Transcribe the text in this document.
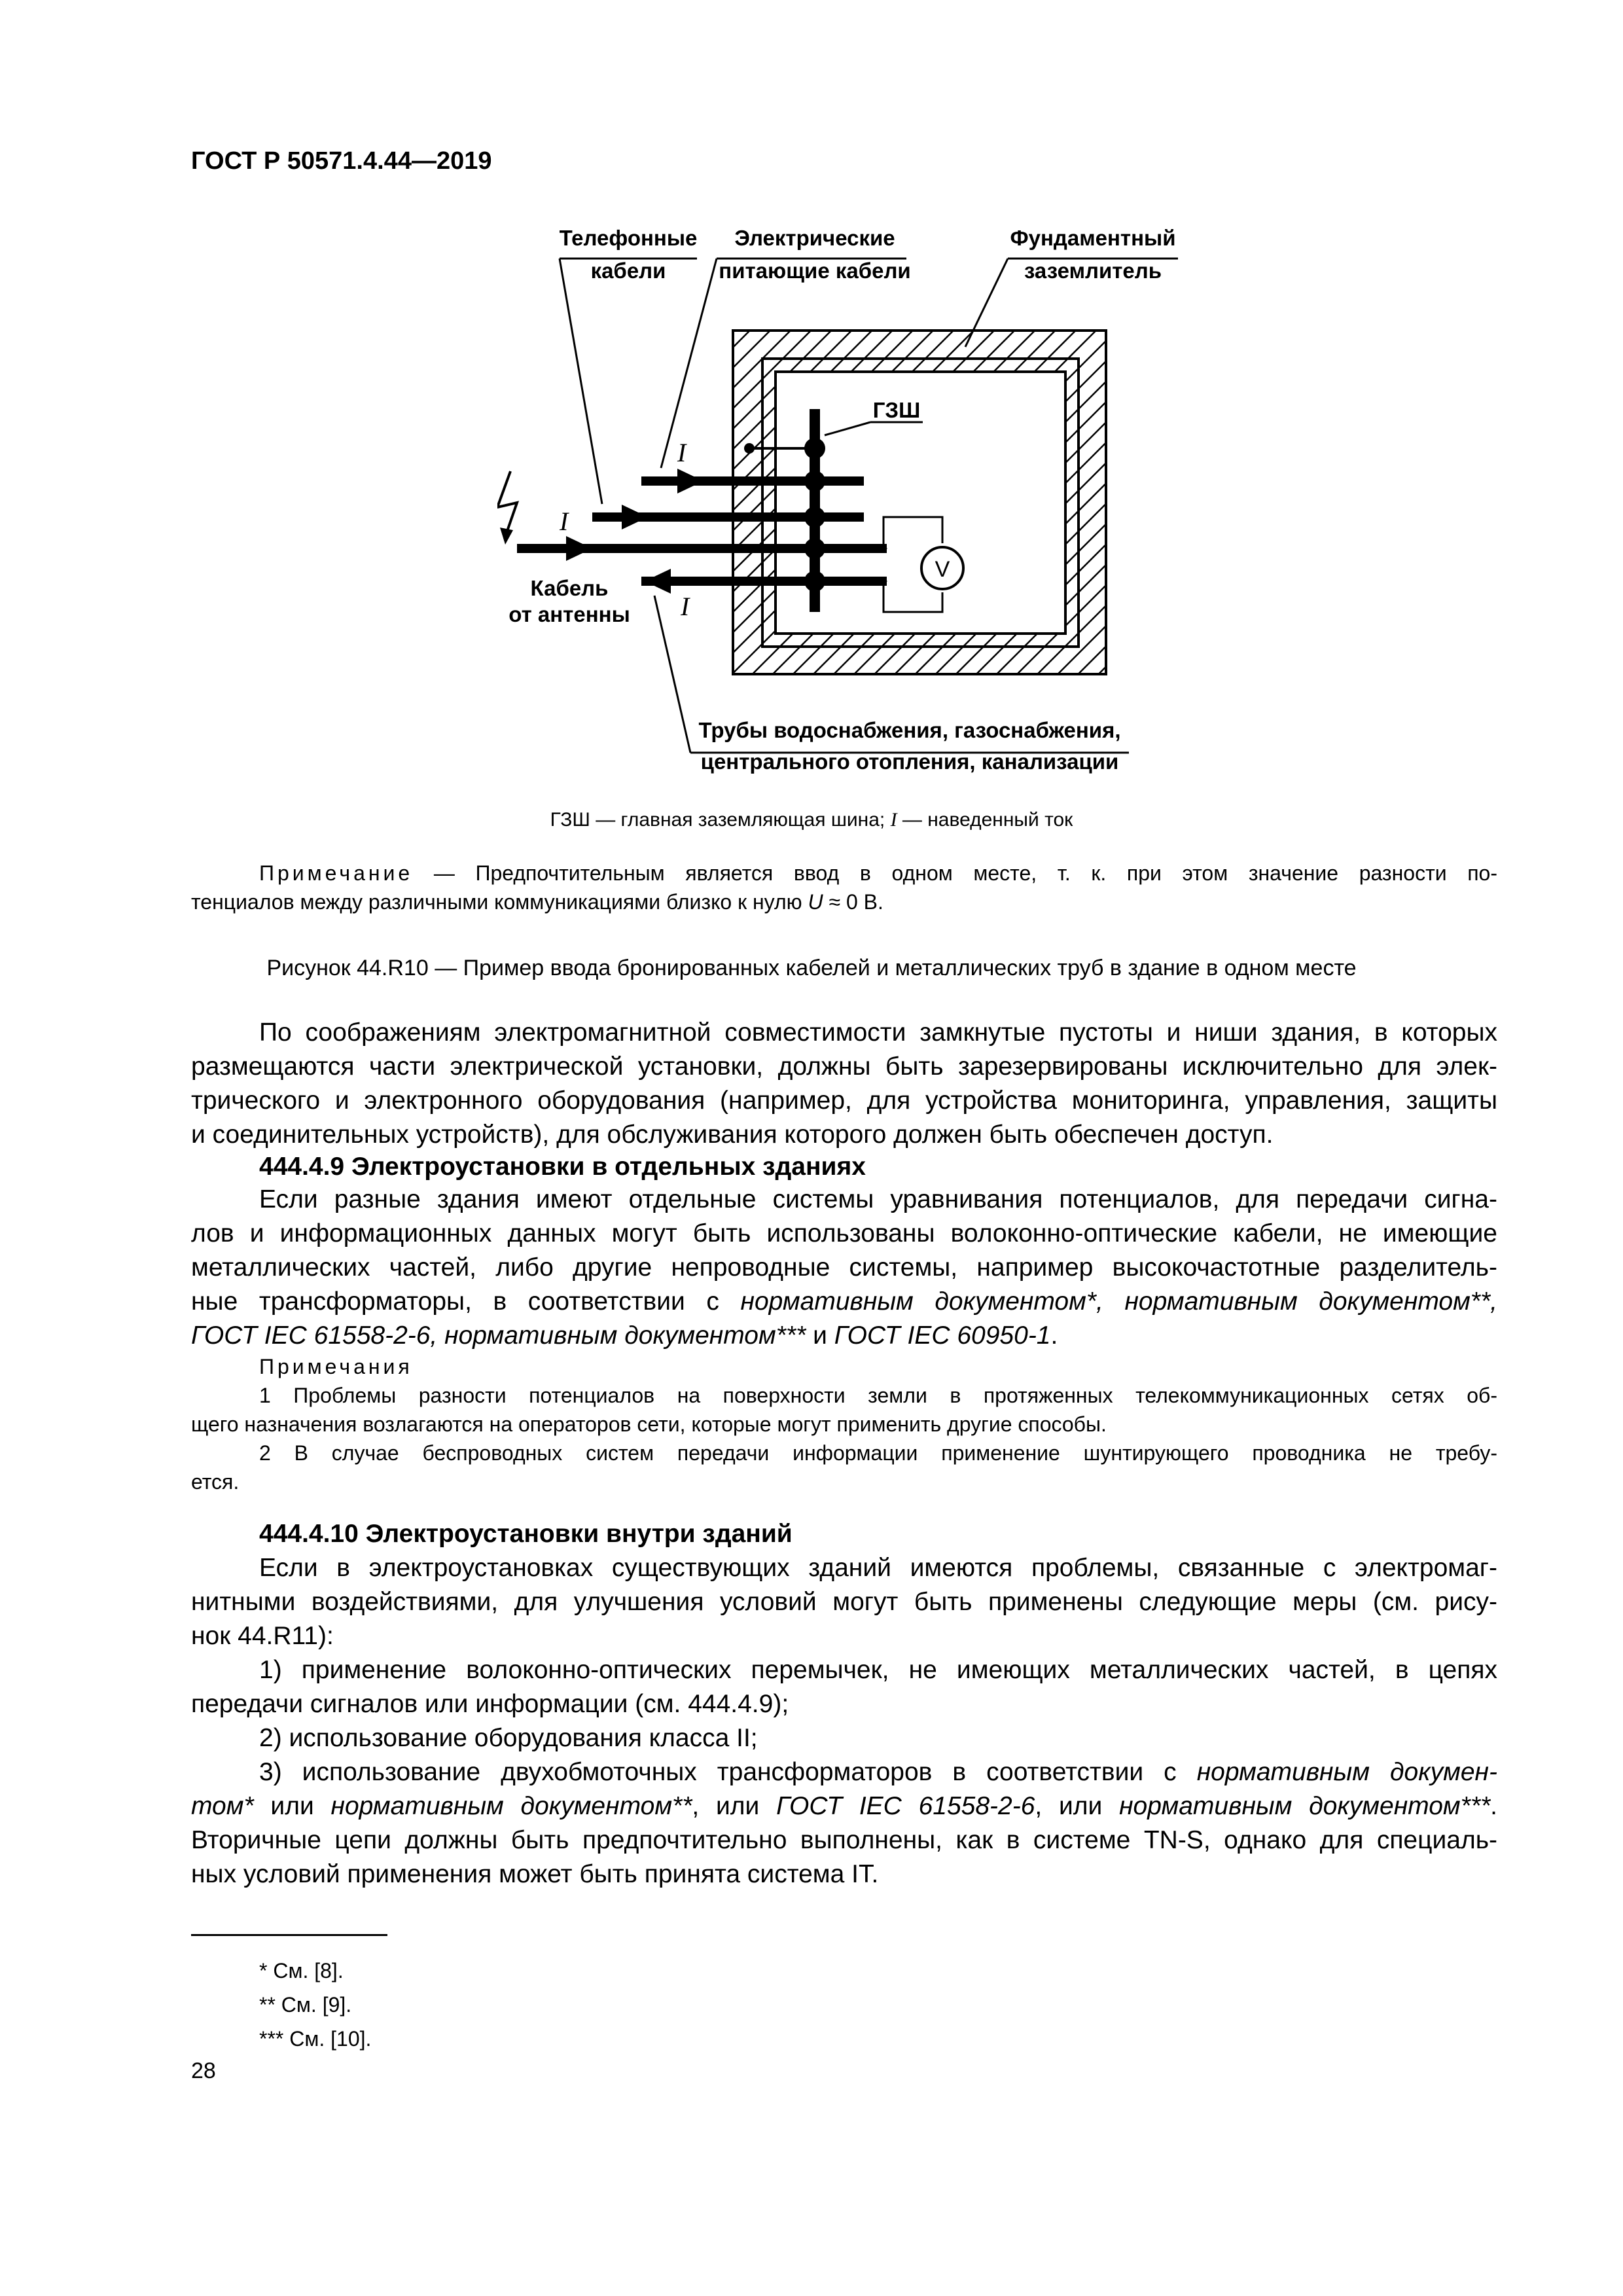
ГОСТ Р 50571.4.44—2019
V
Телефонные
кабели
Электрические
питающие кабели
Фундаментный
заземлитель
ГЗШ
Кабель
от антенны
Трубы водоснабжения, газоснабжения,
центрального отопления, канализации
I
I
I
ГЗШ — главная заземляющая шина; I — наведенный ток
Примечание — Предпочтительным является ввод в одном месте, т. к. при этом значение разности по-
тенциалов между различными коммуникациями близко к нулю U ≈ 0 В.
Рисунок 44.R10 — Пример ввода бронированных кабелей и металлических труб в здание в одном месте
По соображениям электромагнитной совместимости замкнутые пустоты и ниши здания, в которых
размещаются части электрической установки, должны быть зарезервированы исключительно для элек-
трического и электронного оборудования (например, для устройства мониторинга, управления, защиты
и соединительных устройств), для обслуживания которого должен быть обеспечен доступ.
444.4.9 Электроустановки в отдельных зданиях
Если разные здания имеют отдельные системы уравнивания потенциалов, для передачи сигна-
лов и информационных данных могут быть использованы волоконно-оптические кабели, не имеющие
металлических частей, либо другие непроводные системы, например высокочастотные разделитель-
ные трансформаторы, в соответствии с нормативным документом*, нормативным документом**,
ГОСТ IEC 61558-2-6, нормативным документом*** и ГОСТ IEC 60950-1.
Примечания
1 Проблемы разности потенциалов на поверхности земли в протяженных телекоммуникационных сетях об-
щего назначения возлагаются на операторов сети, которые могут применить другие способы.
2 В случае беспроводных систем передачи информации применение шунтирующего проводника не требу-
ется.
444.4.10 Электроустановки внутри зданий
Если в электроустановках существующих зданий имеются проблемы, связанные с электромаг-
нитными воздействиями, для улучшения условий могут быть применены следующие меры (см. рису-
нок 44.R11):
1) применение волоконно-оптических перемычек, не имеющих металлических частей, в цепях
передачи сигналов или информации (см. 444.4.9);
2) использование оборудования класса II;
3) использование двухобмоточных трансформаторов в соответствии с нормативным докумен-
том* или нормативным документом**, или ГОСТ IEC 61558-2-6, или нормативным документом***.
Вторичные цепи должны быть предпочтительно выполнены, как в системе TN-S, однако для специаль-
ных условий применения может быть принята система IT.
* См. [8].
** См. [9].
*** См. [10].
28
